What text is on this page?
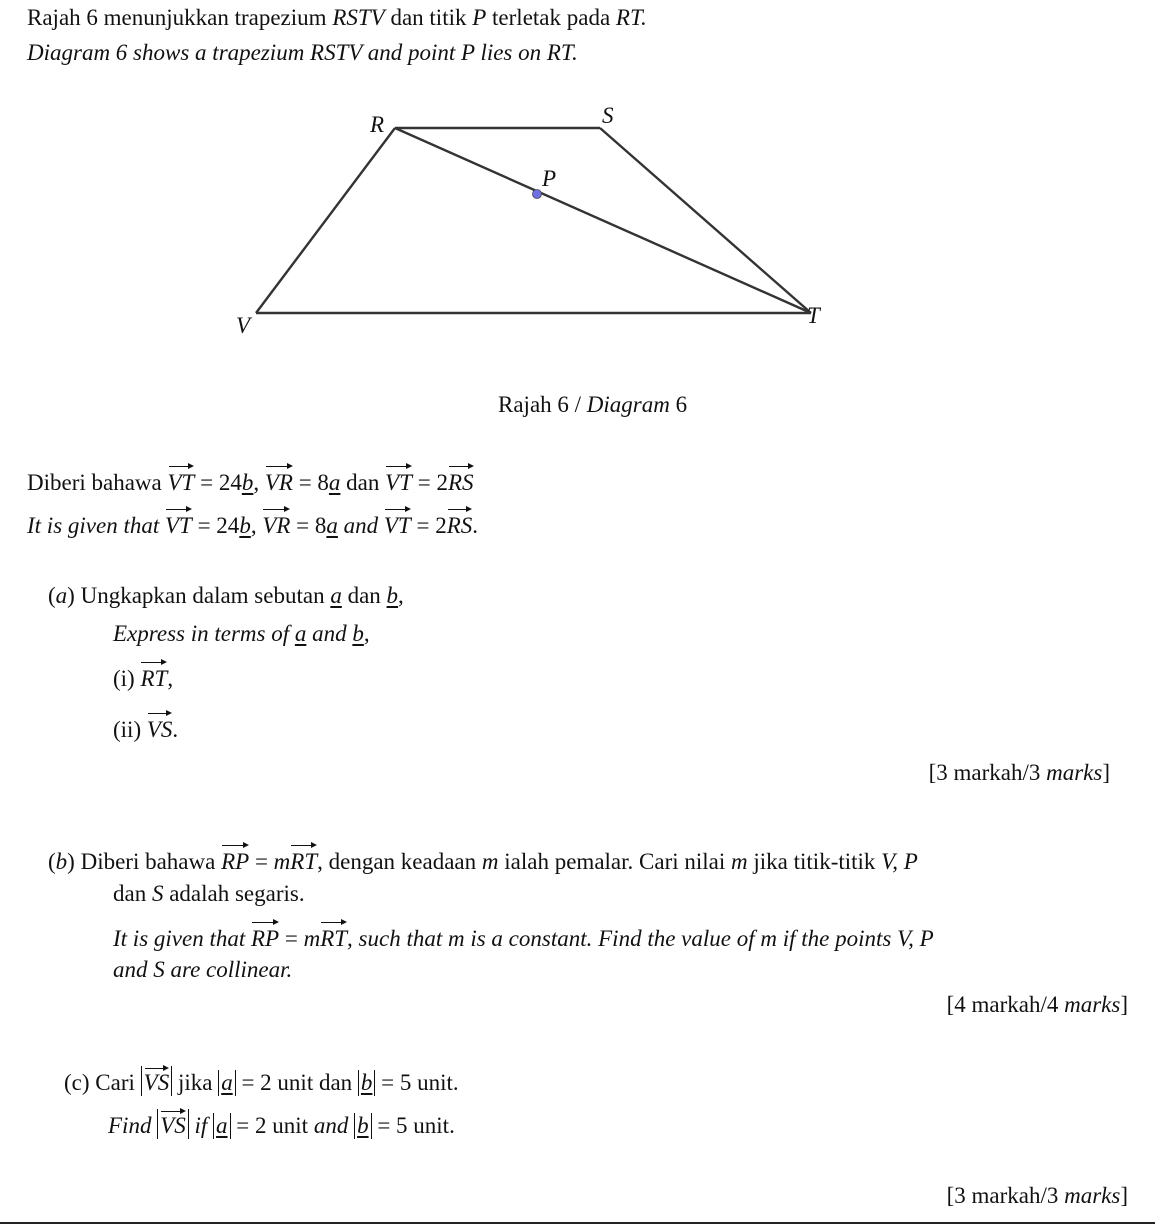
Rajah 6 menunjukkan trapezium RSTV dan titik P terletak pada RT.
Diagram 6 shows a trapezium RSTV and point P lies on RT.
R	S
P
T
V
Rajah 6 / Diagram 6
Diberi bahawa VT = 24b, VR = 8a dan VT = 2RS
It is given that VT = 24b, VR = 8a and VT = 2RS.
(a) Ungkapkan dalam sebutan a dan b,
Express in terms of a and b,
(i) RT,
(ii) VS.
[3 markah/3 marks]
(b) Diberi bahawa RP = mRT, dengan keadaan m ialah pemalar. Cari nilai m jika titik-titik V, P
dan S adalah segaris.
It is given that RP = mRT, such that m is a constant. Find the value of m if the points V, P
and S are collinear.
[4 markah/4 marks]
(c) Cari VS jika a = 2 unit dan b = 5 unit.
Find VS if a = 2 unit and b = 5 unit.
[3 markah/3 marks]
